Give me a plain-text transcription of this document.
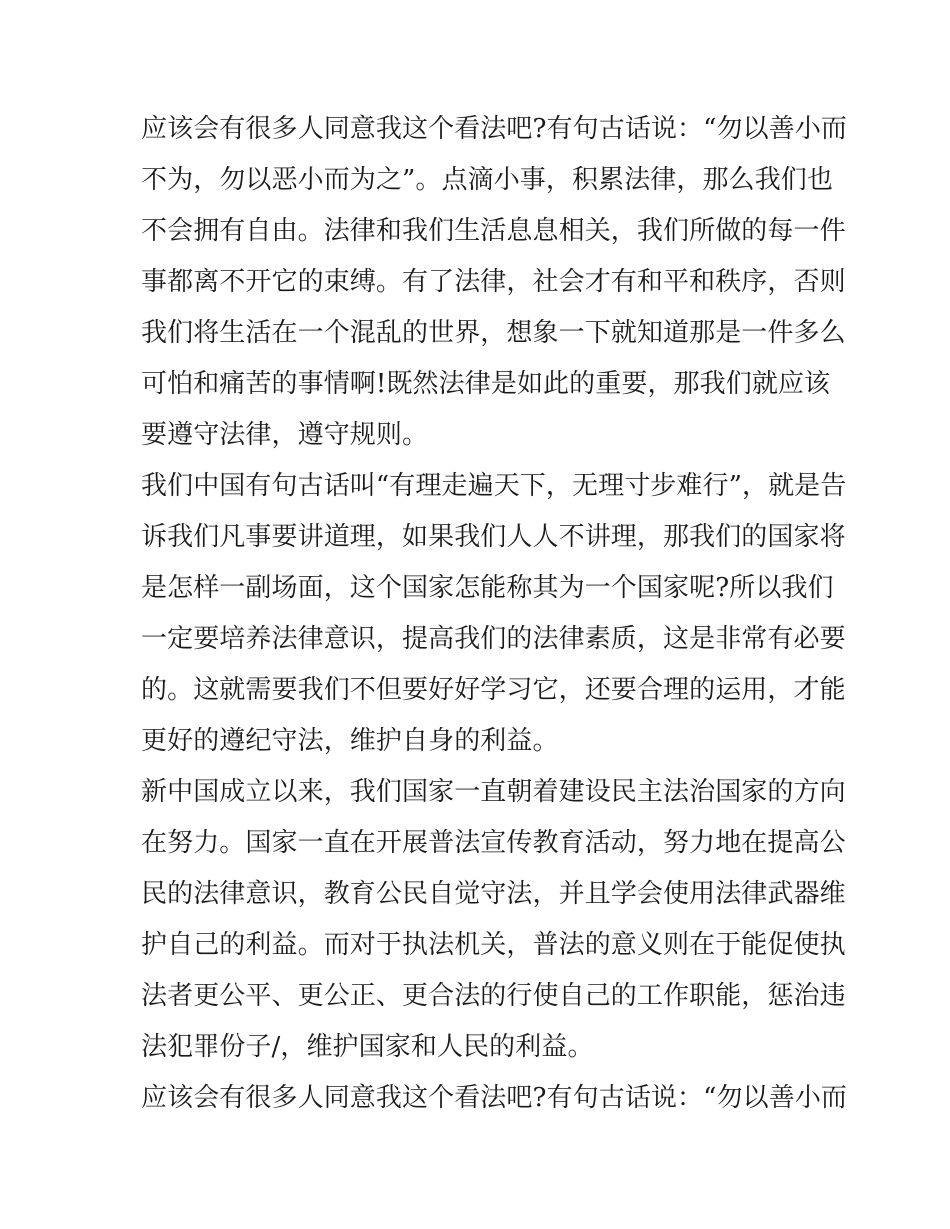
应该会有很多人同意我这个看法吧?有句古话说：“勿以善小而
不为，勿以恶小而为之”。点滴小事，积累法律，那么我们也
不会拥有自由。法律和我们生活息息相关，我们所做的每一件
事都离不开它的束缚。有了法律，社会才有和平和秩序，否则
我们将生活在一个混乱的世界，想象一下就知道那是一件多么
可怕和痛苦的事情啊!既然法律是如此的重要，那我们就应该
要遵守法律，遵守规则。
我们中国有句古话叫“有理走遍天下，无理寸步难行”，就是告
诉我们凡事要讲道理，如果我们人人不讲理，那我们的国家将
是怎样一副场面，这个国家怎能称其为一个国家呢?所以我们
一定要培养法律意识，提高我们的法律素质，这是非常有必要
的。这就需要我们不但要好好学习它，还要合理的运用，才能
更好的遵纪守法，维护自身的利益。
新中国成立以来，我们国家一直朝着建设民主法治国家的方向
在努力。国家一直在开展普法宣传教育活动，努力地在提高公
民的法律意识，教育公民自觉守法，并且学会使用法律武器维
护自己的利益。而对于执法机关，普法的意义则在于能促使执
法者更公平、更公正、更合法的行使自己的工作职能，惩治违
法犯罪份子/，维护国家和人民的利益。
应该会有很多人同意我这个看法吧?有句古话说：“勿以善小而
